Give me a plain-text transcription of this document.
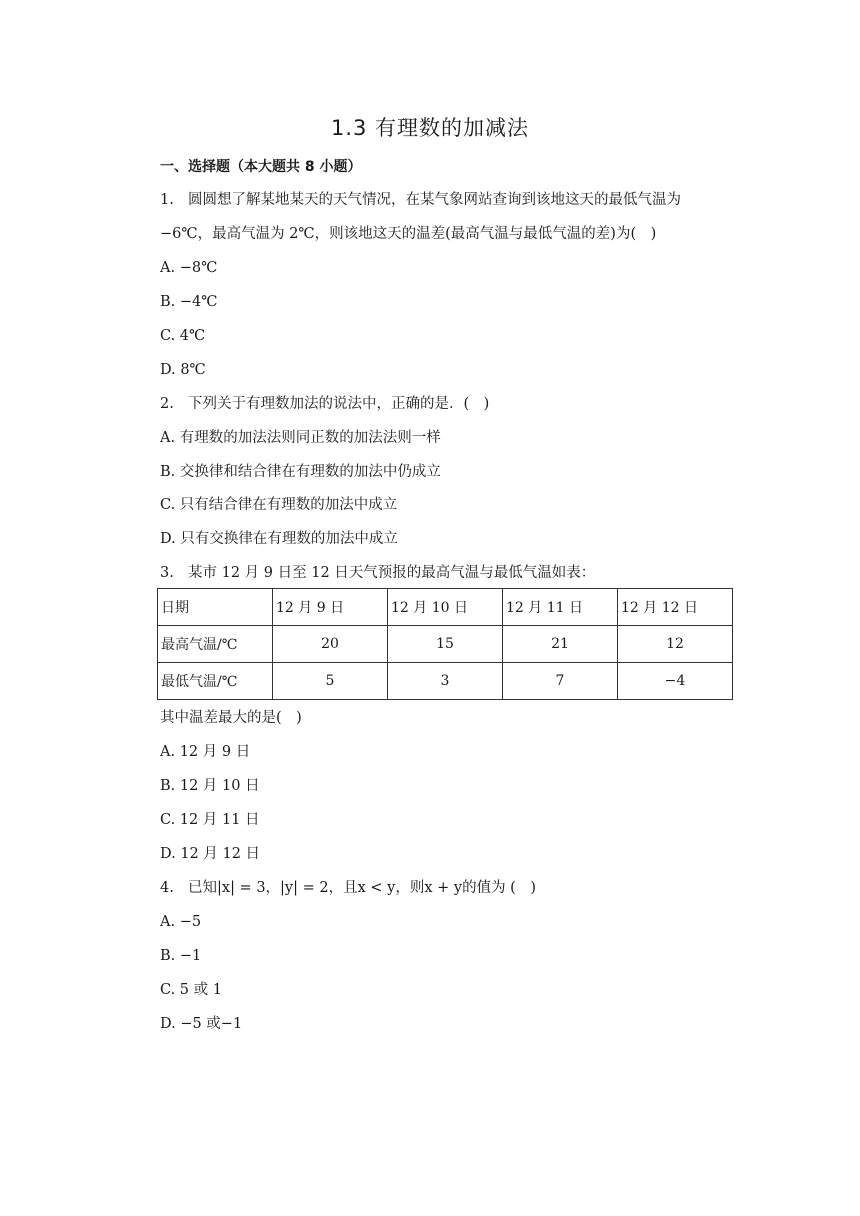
1.3 有理数的加减法
一、选择题（本大题共 8 小题）
1. 圆圆想了解某地某天的天气情况，在某气象网站查询到该地这天的最低气温为
−6℃，最高气温为 2℃，则该地这天的温差(最高气温与最低气温的差)为(　)
A. −8℃
B. −4℃
C. 4℃
D. 8℃
2. 下列关于有理数加法的说法中，正确的是．(　)
A. 有理数的加法法则同正数的加法法则一样
B. 交换律和结合律在有理数的加法中仍成立
C. 只有结合律在有理数的加法中成立
D. 只有交换律在有理数的加法中成立
3. 某市 12 月 9 日至 12 日天气预报的最高气温与最低气温如表：
日期	12 月 9 日	12 月 10 日	12 月 11 日	12 月 12 日
最高气温/℃	20	15	21	12
最低气温/℃	5	3	7	−4
其中温差最大的是(　)
A. 12 月 9 日
B. 12 月 10 日
C. 12 月 11 日
D. 12 月 12 日
4. 已知|x| = 3，|y| = 2，且x < y，则x + y的值为 (　)
A. −5
B. −1
C. 5 或 1
D. −5 或−1
